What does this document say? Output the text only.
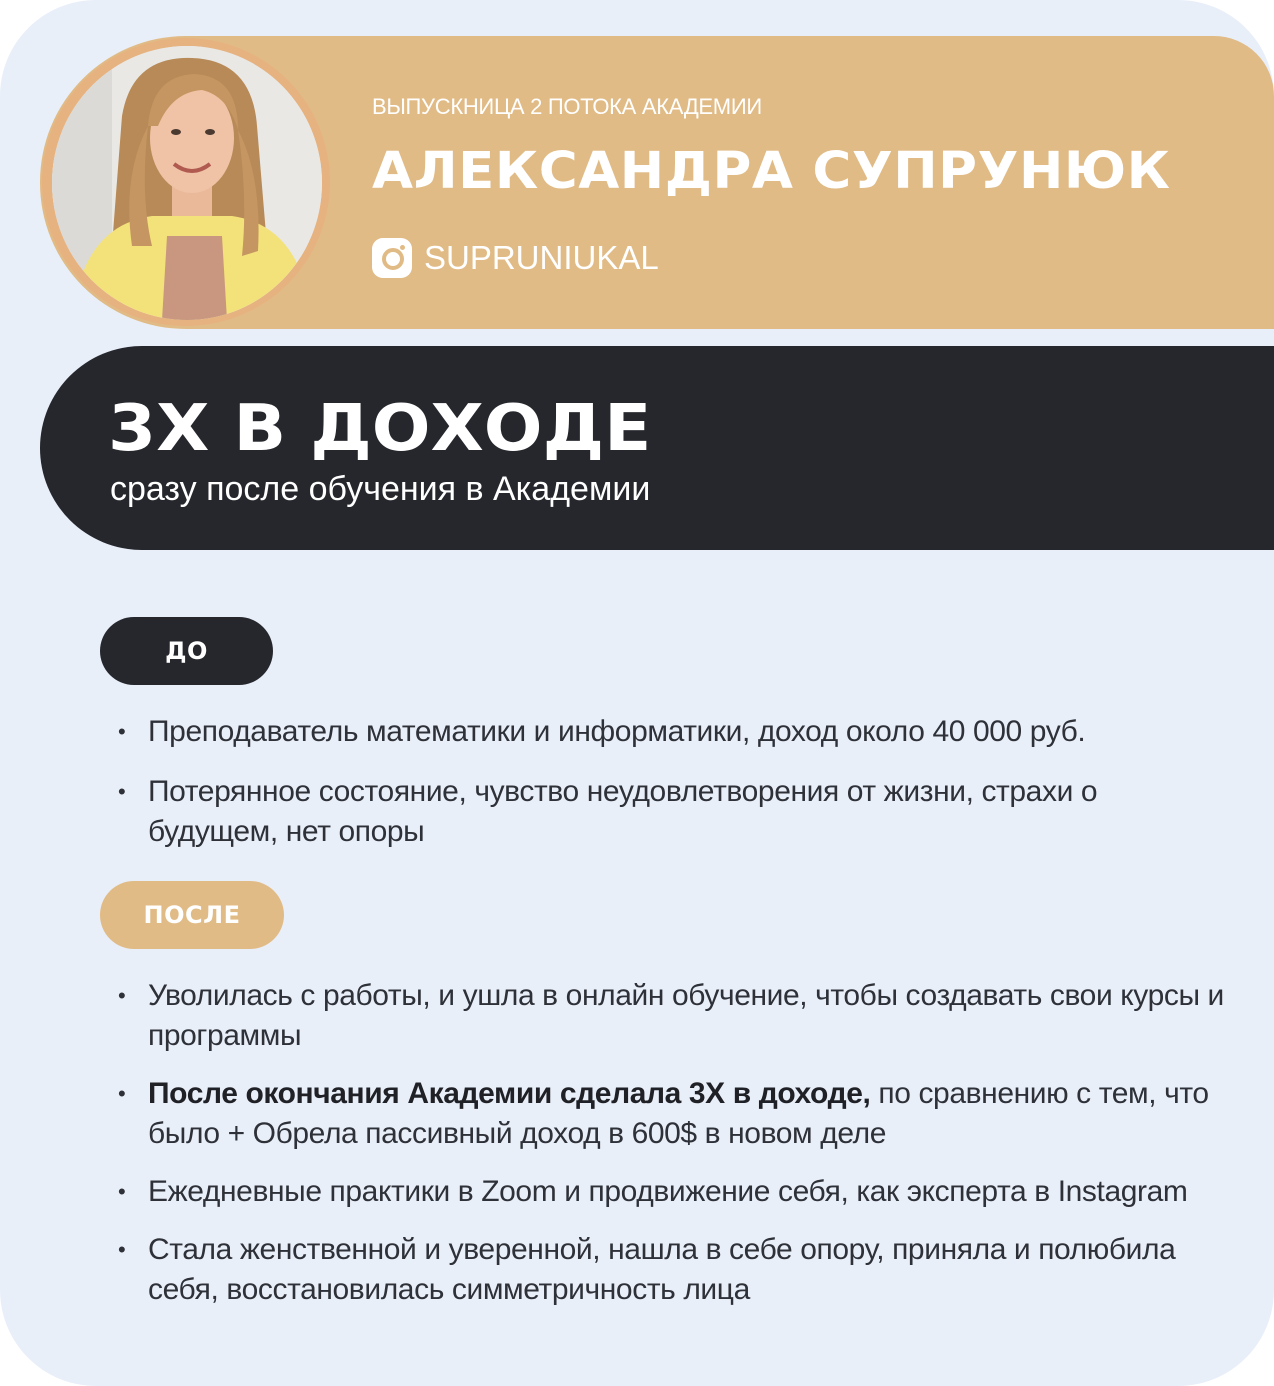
ВЫПУСКНИЦА 2 ПОТОКА АКАДЕМИИ
АЛЕКСАНДРА СУПРУНЮК
SUPRUNIUKAL
3Х В ДОХОДЕ
сразу после обучения в Академии
ДО
• Преподаватель математики и информатики, доход около 40 000 руб.
• Потерянное состояние, чувство неудовлетворения от жизни, страхи о будущем, нет опоры
ПОСЛЕ
• Уволилась с работы, и ушла в онлайн обучение, чтобы создавать свои курсы и программы
• После окончания Академии сделала 3Х в доходе, по сравнению с тем, что было + Обрела пассивный доход в 600$ в новом деле
• Ежедневные практики в Zoom и продвижение себя, как эксперта в Instagram
• Стала женственной и уверенной, нашла в себе опору, приняла и полюбила себя, восстановилась симметричность лица
